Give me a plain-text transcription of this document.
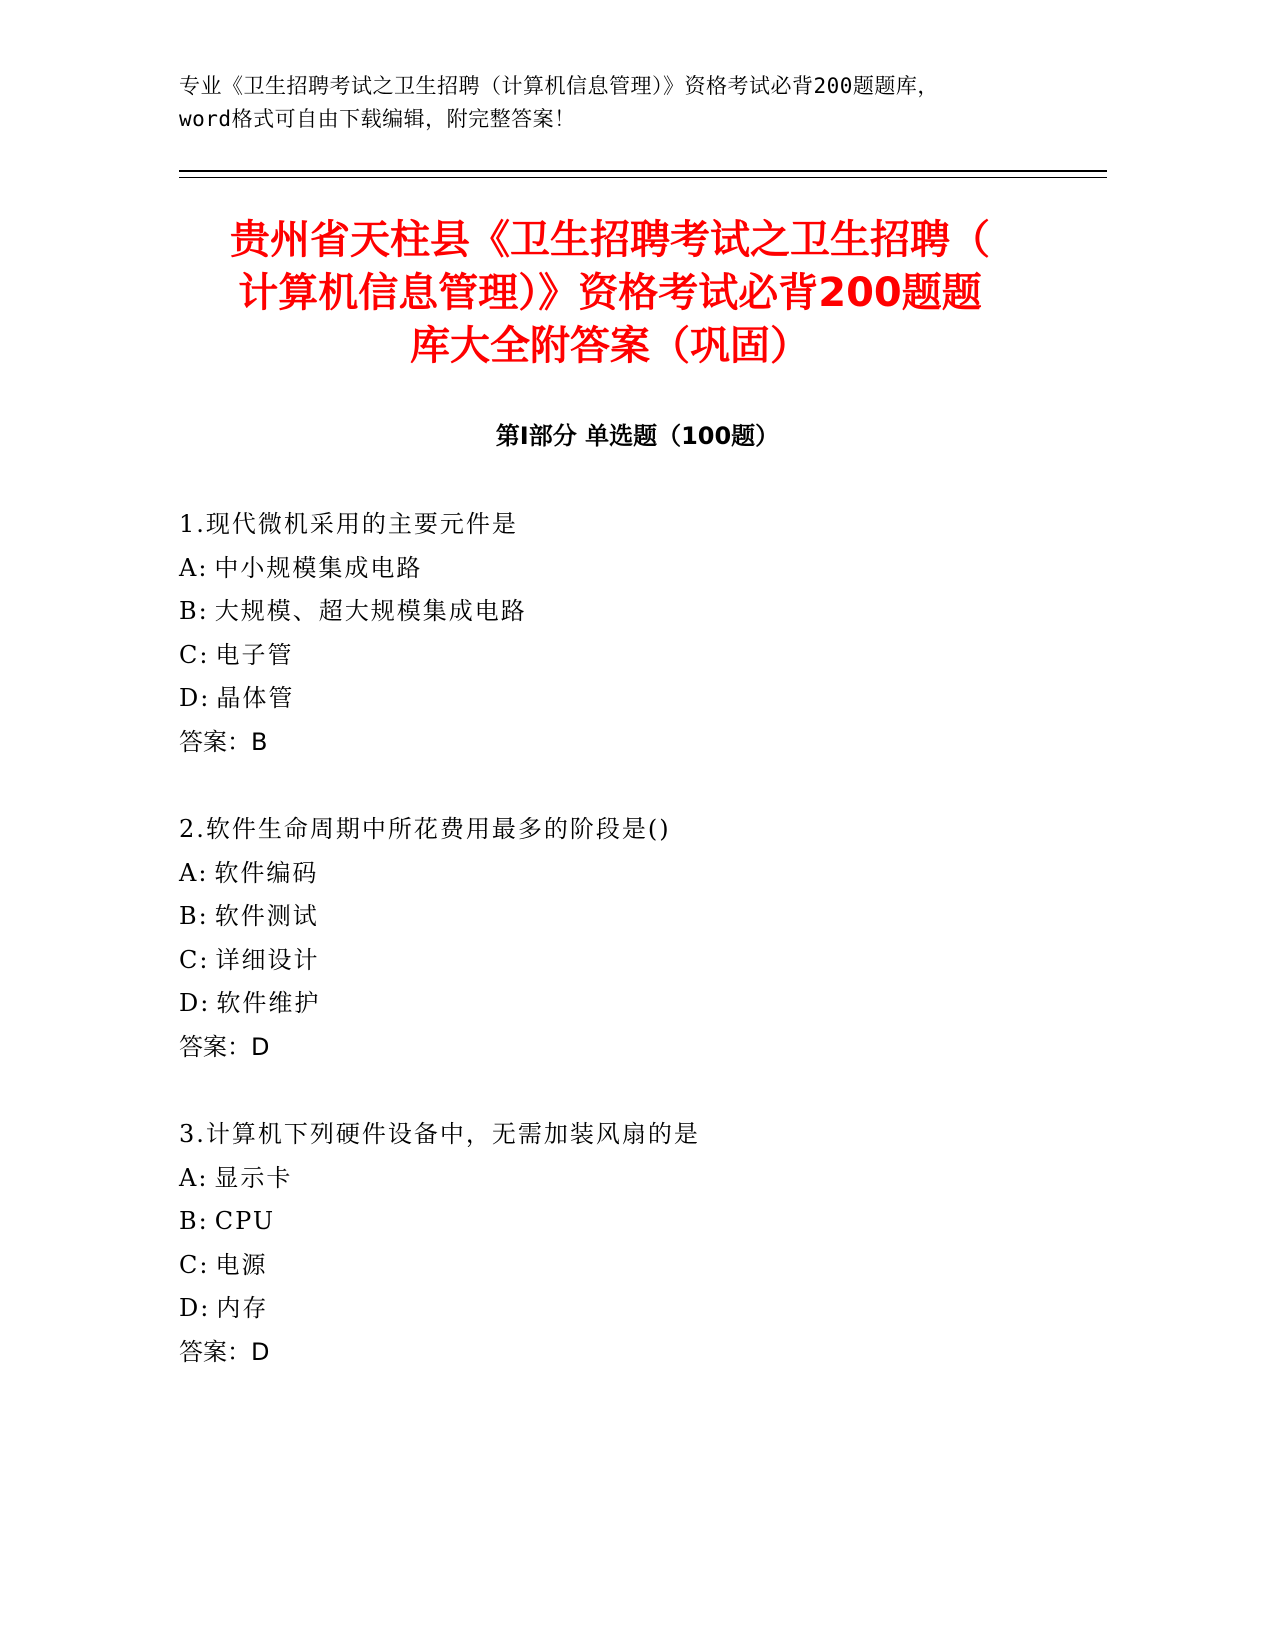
专业《卫生招聘考试之卫生招聘（计算机信息管理）》资格考试必背200题题库，
word格式可自由下载编辑，附完整答案！
贵州省天柱县《卫生招聘考试之卫生招聘（
计算机信息管理）》资格考试必背200题题
库大全附答案（巩固）
第Ⅰ部分 单选题（100题）
1.现代微机采用的主要元件是
A: 中小规模集成电路
B: 大规模、超大规模集成电路
C: 电子管
D: 晶体管
答案：B
2.软件生命周期中所花费用最多的阶段是()
A: 软件编码
B: 软件测试
C: 详细设计
D: 软件维护
答案：D
3.计算机下列硬件设备中，无需加装风扇的是
A: 显示卡
B: CPU
C: 电源
D: 内存
答案：D
